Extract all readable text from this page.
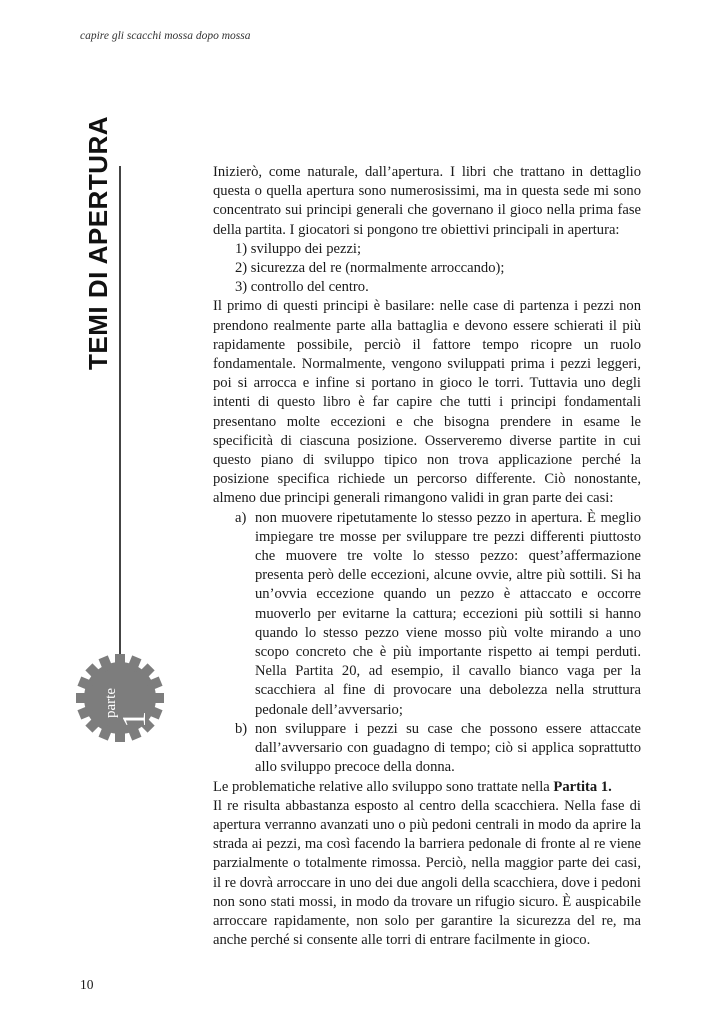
capire gli scacchi mossa dopo mossa
TEMI DI APERTURA
parte
1

Inizierò, come naturale, dall’apertura. I libri che trattano in dettaglio questa o quella apertura sono numerosissimi, ma in questa sede mi sono concentrato sui principi generali che governano il gioco nella prima fase della partita. I giocatori si pongono tre obiettivi principali in apertura:

1) sviluppo dei pezzi;
2) sicurezza del re (normalmente arroccando);
3) controllo del centro.

Il primo di questi principi è basilare: nelle case di partenza i pezzi non prendono realmente parte alla battaglia e devono essere schierati il più rapidamente possibile, perciò il fattore tempo ricopre un ruolo fondamentale. Normalmente, vengono sviluppati prima i pezzi leggeri, poi si arrocca e infine si portano in gioco le torri. Tuttavia uno degli intenti di questo libro è far capire che tutti i principi fondamentali presentano molte eccezioni e che bisogna prendere in esame le specificità di ciascuna posizione. Osserveremo diverse partite in cui questo piano di sviluppo tipico non trova applicazione perché la posizione specifica richiede un percorso differente. Ciò nonostante, almeno due principi generali rimangono validi in gran parte dei casi:

a) non muovere ripetutamente lo stesso pezzo in apertura. È meglio impiegare tre mosse per sviluppare tre pezzi differenti piuttosto che muovere tre volte lo stesso pezzo: quest’affermazione presenta però delle eccezioni, alcune ovvie, altre più sottili. Si ha un’ovvia eccezione quando un pezzo è attaccato e occorre muoverlo per evitarne la cattura; eccezioni più sottili si hanno quando lo stesso pezzo viene mosso più volte mirando a uno scopo concreto che è più importante rispetto ai tempi perduti. Nella Partita 20, ad esempio, il cavallo bianco vaga per la scacchiera al fine di provocare una debolezza nella struttura pedonale dell’avversario;
b) non sviluppare i pezzi su case che possono essere attaccate dall’avversario con guadagno di tempo; ciò si applica soprattutto allo sviluppo precoce della donna.

Le problematiche relative allo sviluppo sono trattate nella Partita 1.

Il re risulta abbastanza esposto al centro della scacchiera. Nella fase di apertura verranno avanzati uno o più pedoni centrali in modo da aprire la strada ai pezzi, ma così facendo la barriera pedonale di fronte al re viene parzialmente o totalmente rimossa. Perciò, nella maggior parte dei casi, il re dovrà arroccare in uno dei due angoli della scacchiera, dove i pedoni non sono stati mossi, in modo da trovare un rifugio sicuro. È auspicabile arroccare rapidamente, non solo per garantire la sicurezza del re, ma anche perché si consente alle torri di entrare facilmente in gioco.

10
